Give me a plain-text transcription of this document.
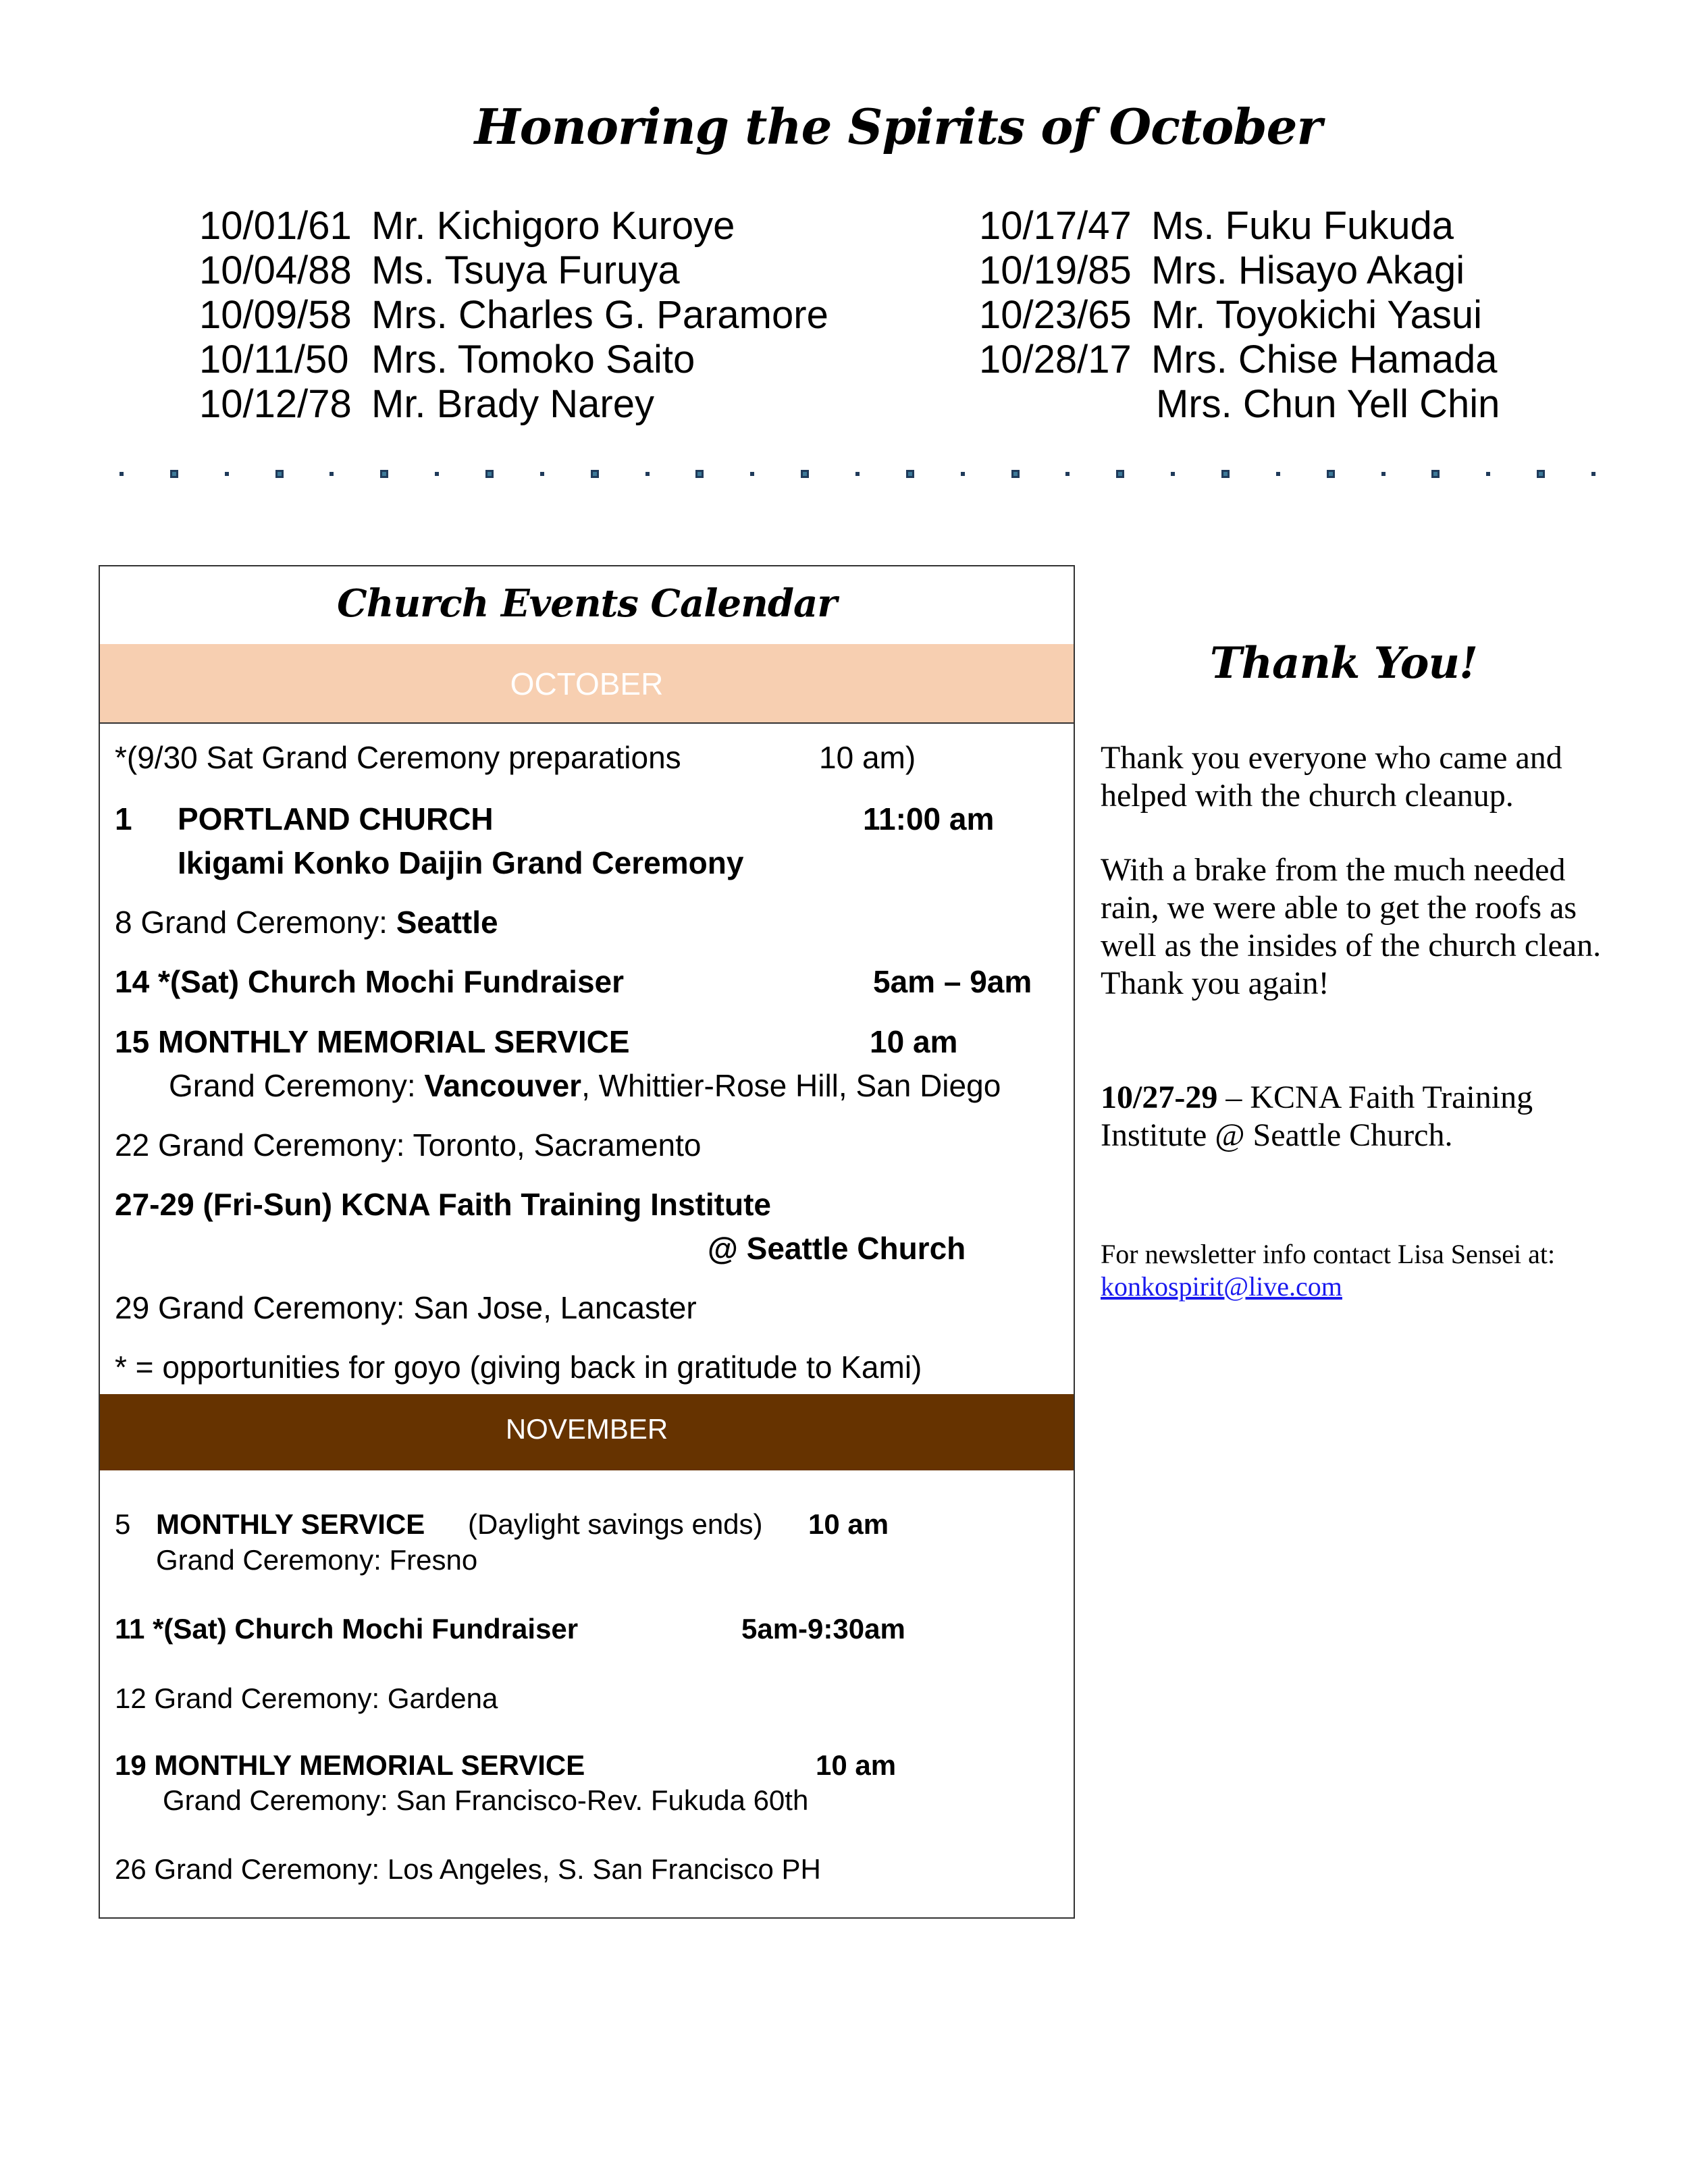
Honoring the Spirits of October
10/01/61 Mr. Kichigoro Kuroye
10/04/88 Ms. Tsuya Furuya
10/09/58 Mrs. Charles G. Paramore
10/11/50 Mrs. Tomoko Saito
10/12/78 Mr. Brady Narey
10/17/47 Ms. Fuku Fukuda
10/19/85 Mrs. Hisayo Akagi
10/23/65 Mr. Toyokichi Yasui
10/28/17 Mrs. Chise Hamada
Mrs. Chun Yell Chin
Church Events Calendar
OCTOBER
*(9/30 Sat Grand Ceremony preparations	10 am)
1 PORTLAND CHURCH	11:00 am
Ikigami Konko Daijin Grand Ceremony
8 Grand Ceremony: Seattle
14 *(Sat) Church Mochi Fundraiser	5am – 9am
15 MONTHLY MEMORIAL SERVICE	10 am
Grand Ceremony: Vancouver, Whittier-Rose Hill, San Diego
22 Grand Ceremony: Toronto, Sacramento
27-29 (Fri-Sun) KCNA Faith Training Institute
@ Seattle Church
29 Grand Ceremony: San Jose, Lancaster
* = opportunities for goyo (giving back in gratitude to Kami)
NOVEMBER
5 MONTHLY SERVICE (Daylight savings ends) 10 am
Grand Ceremony: Fresno
11 *(Sat) Church Mochi Fundraiser	5am-9:30am
12 Grand Ceremony: Gardena
19 MONTHLY MEMORIAL SERVICE	10 am
Grand Ceremony: San Francisco-Rev. Fukuda 60th
26 Grand Ceremony: Los Angeles, S. San Francisco PH
Thank You!
Thank you everyone who came and helped with the church cleanup.
With a brake from the much needed rain, we were able to get the roofs as well as the insides of the church clean. Thank you again!
10/27-29 – KCNA Faith Training Institute @ Seattle Church.
For newsletter info contact Lisa Sensei at:
konkospirit@live.com
